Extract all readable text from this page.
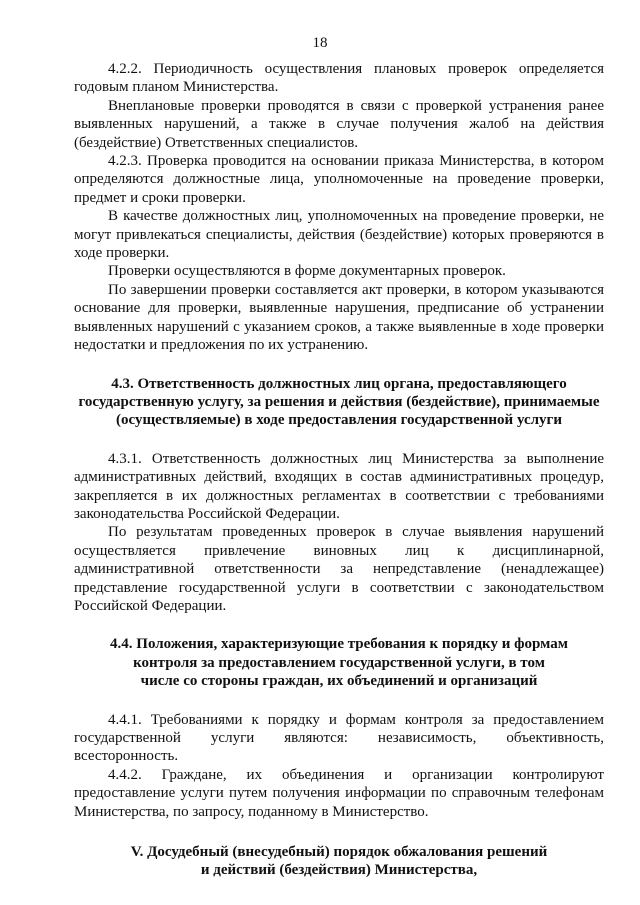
18

4.2.2. Периодичность осуществления плановых проверок определяется годовым планом Министерства.

Внеплановые проверки проводятся в связи с проверкой устранения ранее выявленных нарушений, а также в случае получения жалоб на действия (бездействие) Ответственных специалистов.

4.2.3. Проверка проводится на основании приказа Министерства, в котором определяются должностные лица, уполномоченные на проведение проверки, предмет и сроки проверки.

В качестве должностных лиц, уполномоченных на проведение проверки, не могут привлекаться специалисты, действия (бездействие) которых проверяются в ходе проверки.

Проверки осуществляются в форме документарных проверок.

По завершении проверки составляется акт проверки, в котором указываются основание для проверки, выявленные нарушения, предписание об устранении выявленных нарушений с указанием сроков, а также выявленные в ходе проверки недостатки и предложения по их устранению.

4.3. Ответственность должностных лиц органа, предоставляющего
государственную услугу, за решения и действия (бездействие), принимаемые
(осуществляемые) в ходе предоставления государственной услуги

4.3.1. Ответственность должностных лиц Министерства за выполнение административных действий, входящих в состав административных процедур, закрепляется в их должностных регламентах в соответствии с требованиями законодательства Российской Федерации.

По результатам проведенных проверок в случае выявления нарушений осуществляется привлечение виновных лиц к дисциплинарной, административной ответственности за непредставление (ненадлежащее) представление государственной услуги в соответствии с законодательством Российской Федерации.

4.4. Положения, характеризующие требования к порядку и формам
контроля за предоставлением государственной услуги, в том
числе со стороны граждан, их объединений и организаций

4.4.1. Требованиями к порядку и формам контроля за предоставлением государственной услуги являются: независимость, объективность, всесторонность.

4.4.2. Граждане, их объединения и организации контролируют предоставление услуги путем получения информации по справочным телефонам Министерства, по запросу, поданному в Министерство.

V. Досудебный (внесудебный) порядок обжалования решений
и действий (бездействия) Министерства,
